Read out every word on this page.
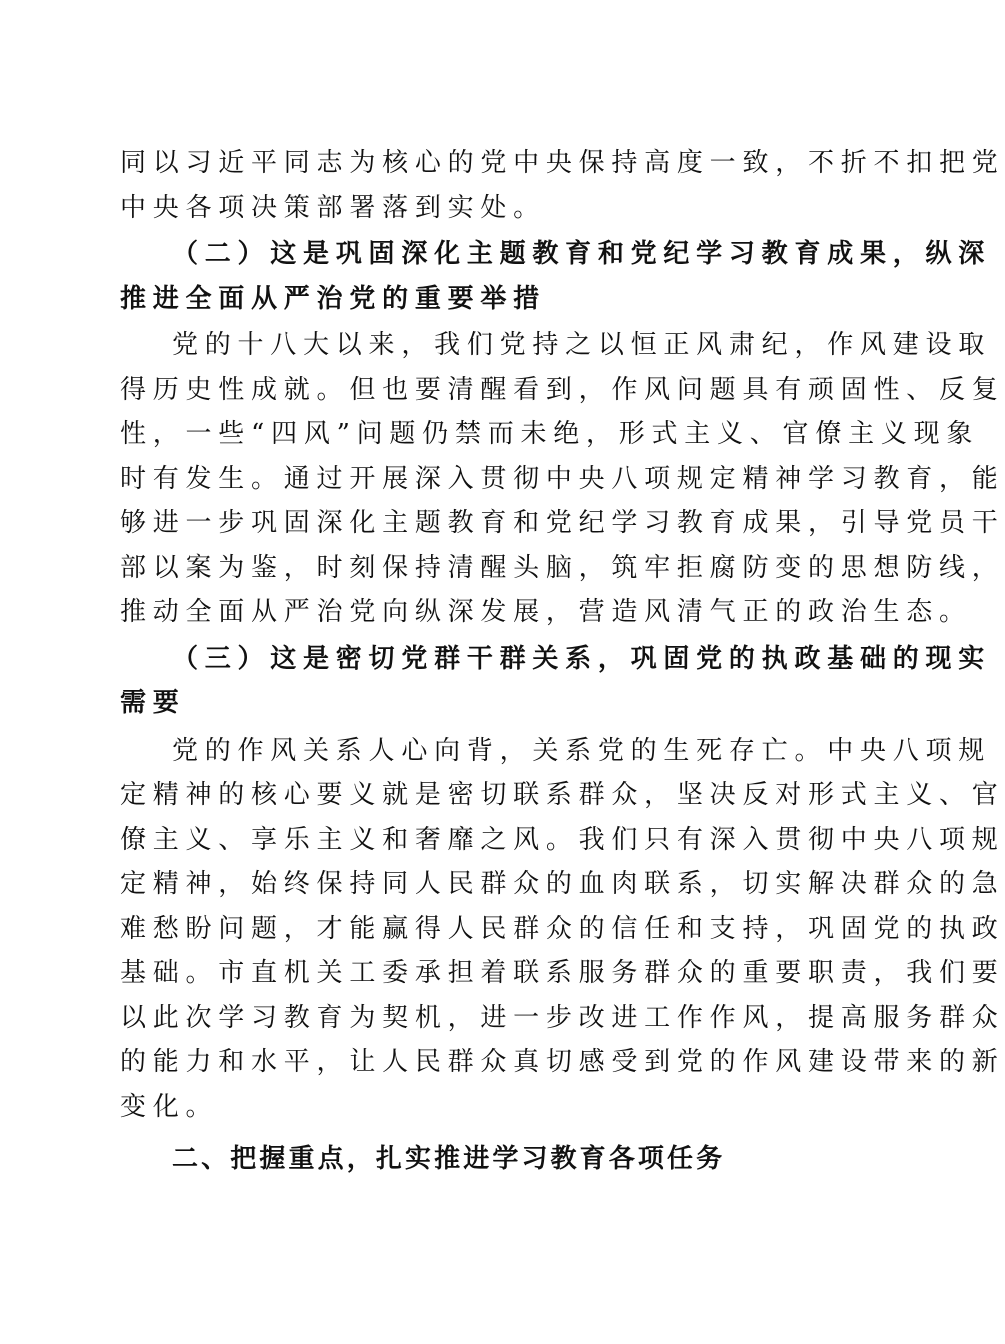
同以习近平同志为核心的党中央保持高度一致，不折不扣把党
中央各项决策部署落到实处。
（二）这是巩固深化主题教育和党纪学习教育成果，纵深
推进全面从严治党的重要举措
党的十八大以来，我们党持之以恒正风肃纪，作风建设取
得历史性成就。但也要清醒看到，作风问题具有顽固性、反复
性，一些“四风”问题仍禁而未绝，形式主义、官僚主义现象
时有发生。通过开展深入贯彻中央八项规定精神学习教育，能
够进一步巩固深化主题教育和党纪学习教育成果，引导党员干
部以案为鉴，时刻保持清醒头脑，筑牢拒腐防变的思想防线，
推动全面从严治党向纵深发展，营造风清气正的政治生态。
（三）这是密切党群干群关系，巩固党的执政基础的现实
需要
党的作风关系人心向背，关系党的生死存亡。中央八项规
定精神的核心要义就是密切联系群众，坚决反对形式主义、官
僚主义、享乐主义和奢靡之风。我们只有深入贯彻中央八项规
定精神，始终保持同人民群众的血肉联系，切实解决群众的急
难愁盼问题，才能赢得人民群众的信任和支持，巩固党的执政
基础。市直机关工委承担着联系服务群众的重要职责，我们要
以此次学习教育为契机，进一步改进工作作风，提高服务群众
的能力和水平，让人民群众真切感受到党的作风建设带来的新
变化。
二、把握重点，扎实推进学习教育各项任务
